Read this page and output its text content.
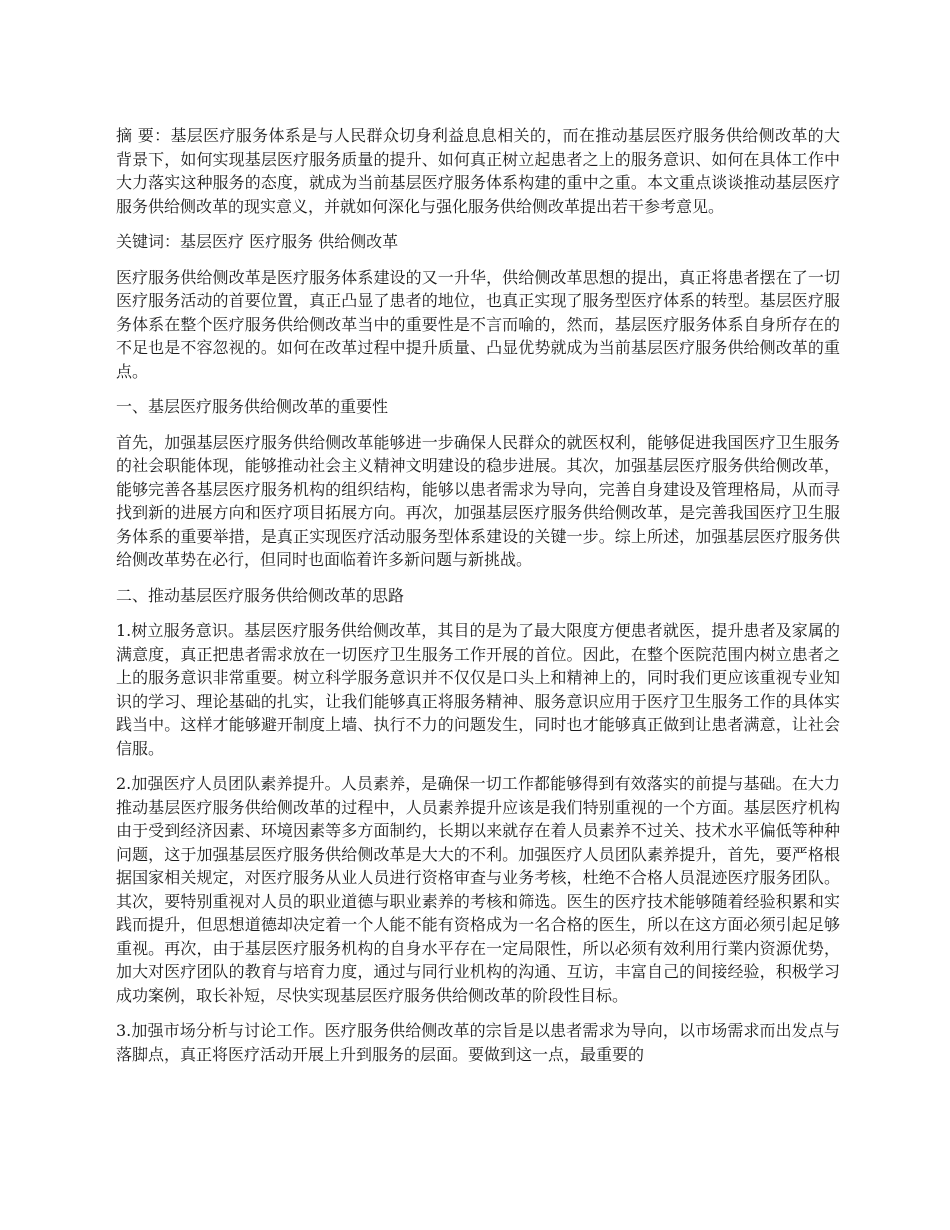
摘 要：基层医疗服务体系是与人民群众切身利益息息相关的，而在推动基层医疗服务供给侧改革的大背景下，如何实现基层医疗服务质量的提升、如何真正树立起患者之上的服务意识、如何在具体工作中大力落实这种服务的态度，就成为当前基层医疗服务体系构建的重中之重。本文重点谈谈推动基层医疗服务供给侧改革的现实意义，并就如何深化与强化服务供给侧改革提出若干参考意见。

关键词：基层医疗 医疗服务 供给侧改革

医疗服务供给侧改革是医疗服务体系建设的又一升华，供给侧改革思想的提出，真正将患者摆在了一切医疗服务活动的首要位置，真正凸显了患者的地位，也真正实现了服务型医疗体系的转型。基层医疗服务体系在整个医疗服务供给侧改革当中的重要性是不言而喻的，然而，基层医疗服务体系自身所存在的不足也是不容忽视的。如何在改革过程中提升质量、凸显优势就成为当前基层医疗服务供给侧改革的重点。

一、基层医疗服务供给侧改革的重要性

首先，加强基层医疗服务供给侧改革能够进一步确保人民群众的就医权利，能够促进我国医疗卫生服务的社会职能体现，能够推动社会主义精神文明建设的稳步进展。其次，加强基层医疗服务供给侧改革，能够完善各基层医疗服务机构的组织结构，能够以患者需求为导向，完善自身建设及管理格局，从而寻找到新的进展方向和医疗项目拓展方向。再次，加强基层医疗服务供给侧改革，是完善我国医疗卫生服务体系的重要举措，是真正实现医疗活动服务型体系建设的关键一步。综上所述，加强基层医疗服务供给侧改革势在必行，但同时也面临着许多新问题与新挑战。

二、推动基层医疗服务供给侧改革的思路

1.树立服务意识。基层医疗服务供给侧改革，其目的是为了最大限度方便患者就医，提升患者及家属的满意度，真正把患者需求放在一切医疗卫生服务工作开展的首位。因此，在整个医院范围内树立患者之上的服务意识非常重要。树立科学服务意识并不仅仅是口头上和精神上的，同时我们更应该重视专业知识的学习、理论基础的扎实，让我们能够真正将服务精神、服务意识应用于医疗卫生服务工作的具体实践当中。这样才能够避开制度上墙、执行不力的问题发生，同时也才能够真正做到让患者满意，让社会信服。

2.加强医疗人员团队素养提升。人员素养，是确保一切工作都能够得到有效落实的前提与基础。在大力推动基层医疗服务供给侧改革的过程中，人员素养提升应该是我们特别重视的一个方面。基层医疗机构由于受到经济因素、环境因素等多方面制约，长期以来就存在着人员素养不过关、技术水平偏低等种种问题，这于加强基层医疗服务供给侧改革是大大的不利。加强医疗人员团队素养提升，首先，要严格根据国家相关规定，对医疗服务从业人员进行资格审查与业务考核，杜绝不合格人员混迹医疗服务团队。其次，要特别重视对人员的职业道德与职业素养的考核和筛选。医生的医疗技术能够随着经验积累和实践而提升，但思想道德却决定着一个人能不能有资格成为一名合格的医生，所以在这方面必须引起足够重视。再次，由于基层医疗服务机构的自身水平存在一定局限性，所以必须有效利用行業内资源优势，加大对医疗团队的教育与培育力度，通过与同行业机构的沟通、互访，丰富自己的间接经验，积极学习成功案例，取长补短，尽快实现基层医疗服务供给侧改革的阶段性目标。

3.加强市场分析与讨论工作。医疗服务供给侧改革的宗旨是以患者需求为导向，以市场需求而出发点与落脚点，真正将医疗活动开展上升到服务的层面。要做到这一点，最重要的
